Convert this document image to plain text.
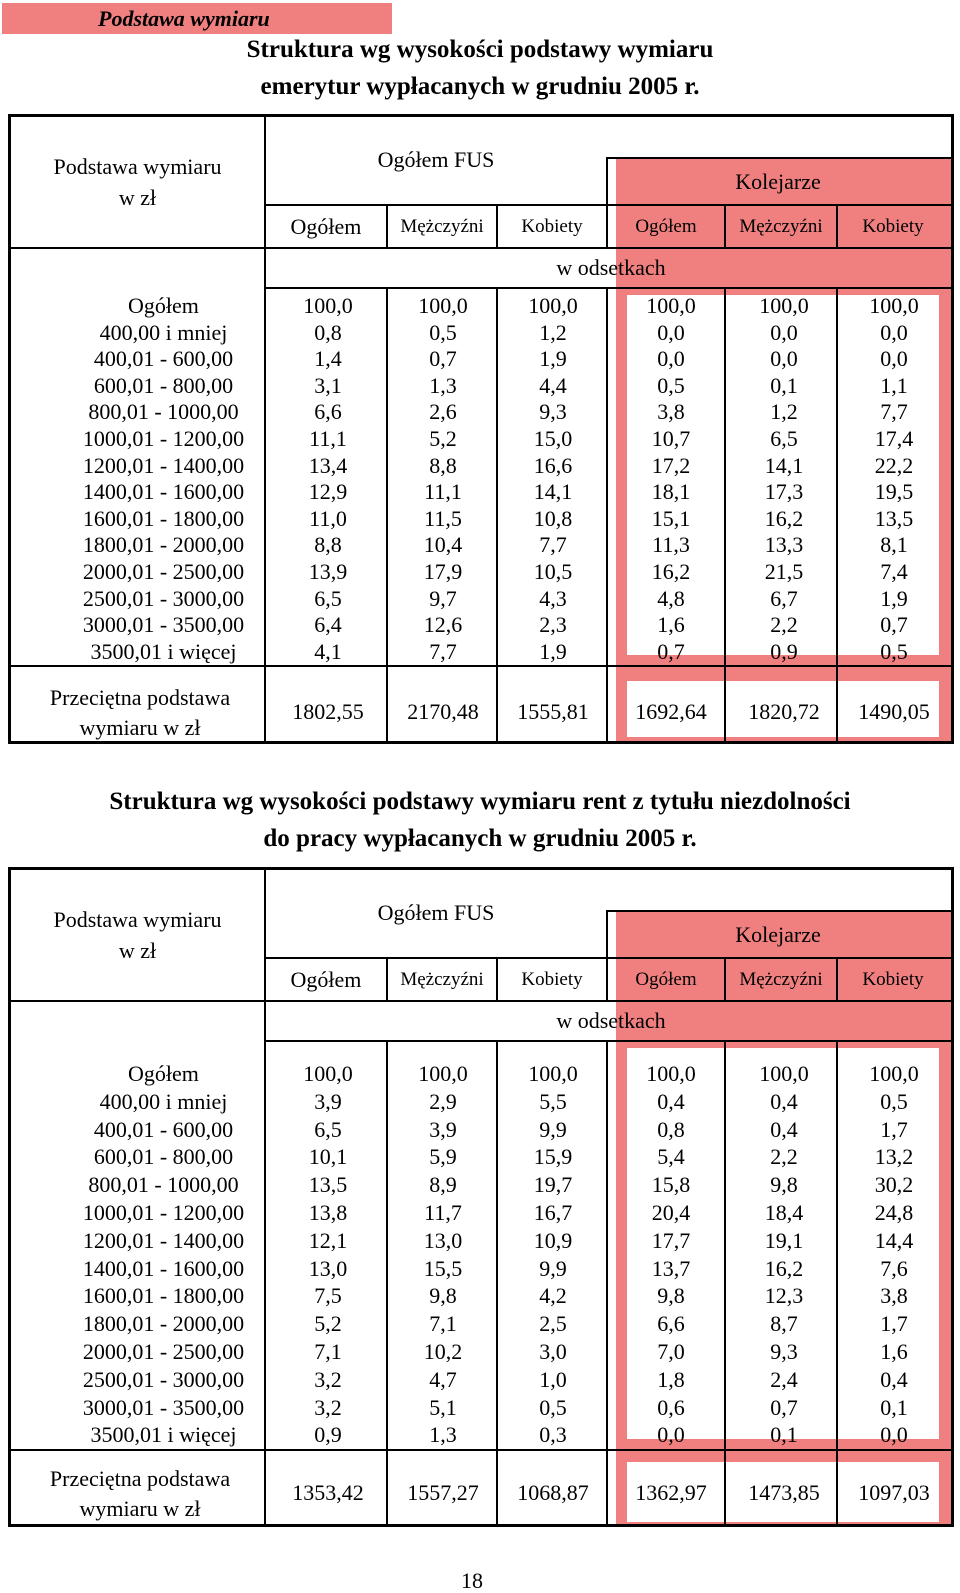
Podstawa wymiaru
Struktura wg wysokości podstawy wymiaru
emerytur wypłacanych w grudniu 2005 r.
Podstawa wymiaru
w zł
Ogółem FUS
Kolejarze
w odsetkach
Ogółem	Mężczyźni	Kobiety	Ogółem	Mężczyźni	Kobiety
Ogółem	100,0	100,0	100,0	100,0	100,0	100,0
400,00 i mniej	0,8	0,5	1,2	0,0	0,0	0,0
400,01 - 600,00	1,4	0,7	1,9	0,0	0,0	0,0
600,01 - 800,00	3,1	1,3	4,4	0,5	0,1	1,1
800,01 - 1000,00	6,6	2,6	9,3	3,8	1,2	7,7
1000,01 - 1200,00	11,1	5,2	15,0	10,7	6,5	17,4
1200,01 - 1400,00	13,4	8,8	16,6	17,2	14,1	22,2
1400,01 - 1600,00	12,9	11,1	14,1	18,1	17,3	19,5
1600,01 - 1800,00	11,0	11,5	10,8	15,1	16,2	13,5
1800,01 - 2000,00	8,8	10,4	7,7	11,3	13,3	8,1
2000,01 - 2500,00	13,9	17,9	10,5	16,2	21,5	7,4
2500,01 - 3000,00	6,5	9,7	4,3	4,8	6,7	1,9
3000,01 - 3500,00	6,4	12,6	2,3	1,6	2,2	0,7
3500,01 i więcej	4,1	7,7	1,9	0,7	0,9	0,5
Przeciętna podstawa
wymiaru w zł
1802,55	2170,48	1555,81	1692,64	1820,72	1490,05
Struktura wg wysokości podstawy wymiaru rent z tytułu niezdolności
do pracy wypłacanych w grudniu 2005 r.
Podstawa wymiaru
w zł
Ogółem FUS
Kolejarze
w odsetkach
Ogółem	Mężczyźni	Kobiety	Ogółem	Mężczyźni	Kobiety
Ogółem	100,0	100,0	100,0	100,0	100,0	100,0
400,00 i mniej	3,9	2,9	5,5	0,4	0,4	0,5
400,01 - 600,00	6,5	3,9	9,9	0,8	0,4	1,7
600,01 - 800,00	10,1	5,9	15,9	5,4	2,2	13,2
800,01 - 1000,00	13,5	8,9	19,7	15,8	9,8	30,2
1000,01 - 1200,00	13,8	11,7	16,7	20,4	18,4	24,8
1200,01 - 1400,00	12,1	13,0	10,9	17,7	19,1	14,4
1400,01 - 1600,00	13,0	15,5	9,9	13,7	16,2	7,6
1600,01 - 1800,00	7,5	9,8	4,2	9,8	12,3	3,8
1800,01 - 2000,00	5,2	7,1	2,5	6,6	8,7	1,7
2000,01 - 2500,00	7,1	10,2	3,0	7,0	9,3	1,6
2500,01 - 3000,00	3,2	4,7	1,0	1,8	2,4	0,4
3000,01 - 3500,00	3,2	5,1	0,5	0,6	0,7	0,1
3500,01 i więcej	0,9	1,3	0,3	0,0	0,1	0,0
Przeciętna podstawa
wymiaru w zł
1353,42	1557,27	1068,87	1362,97	1473,85	1097,03
18
